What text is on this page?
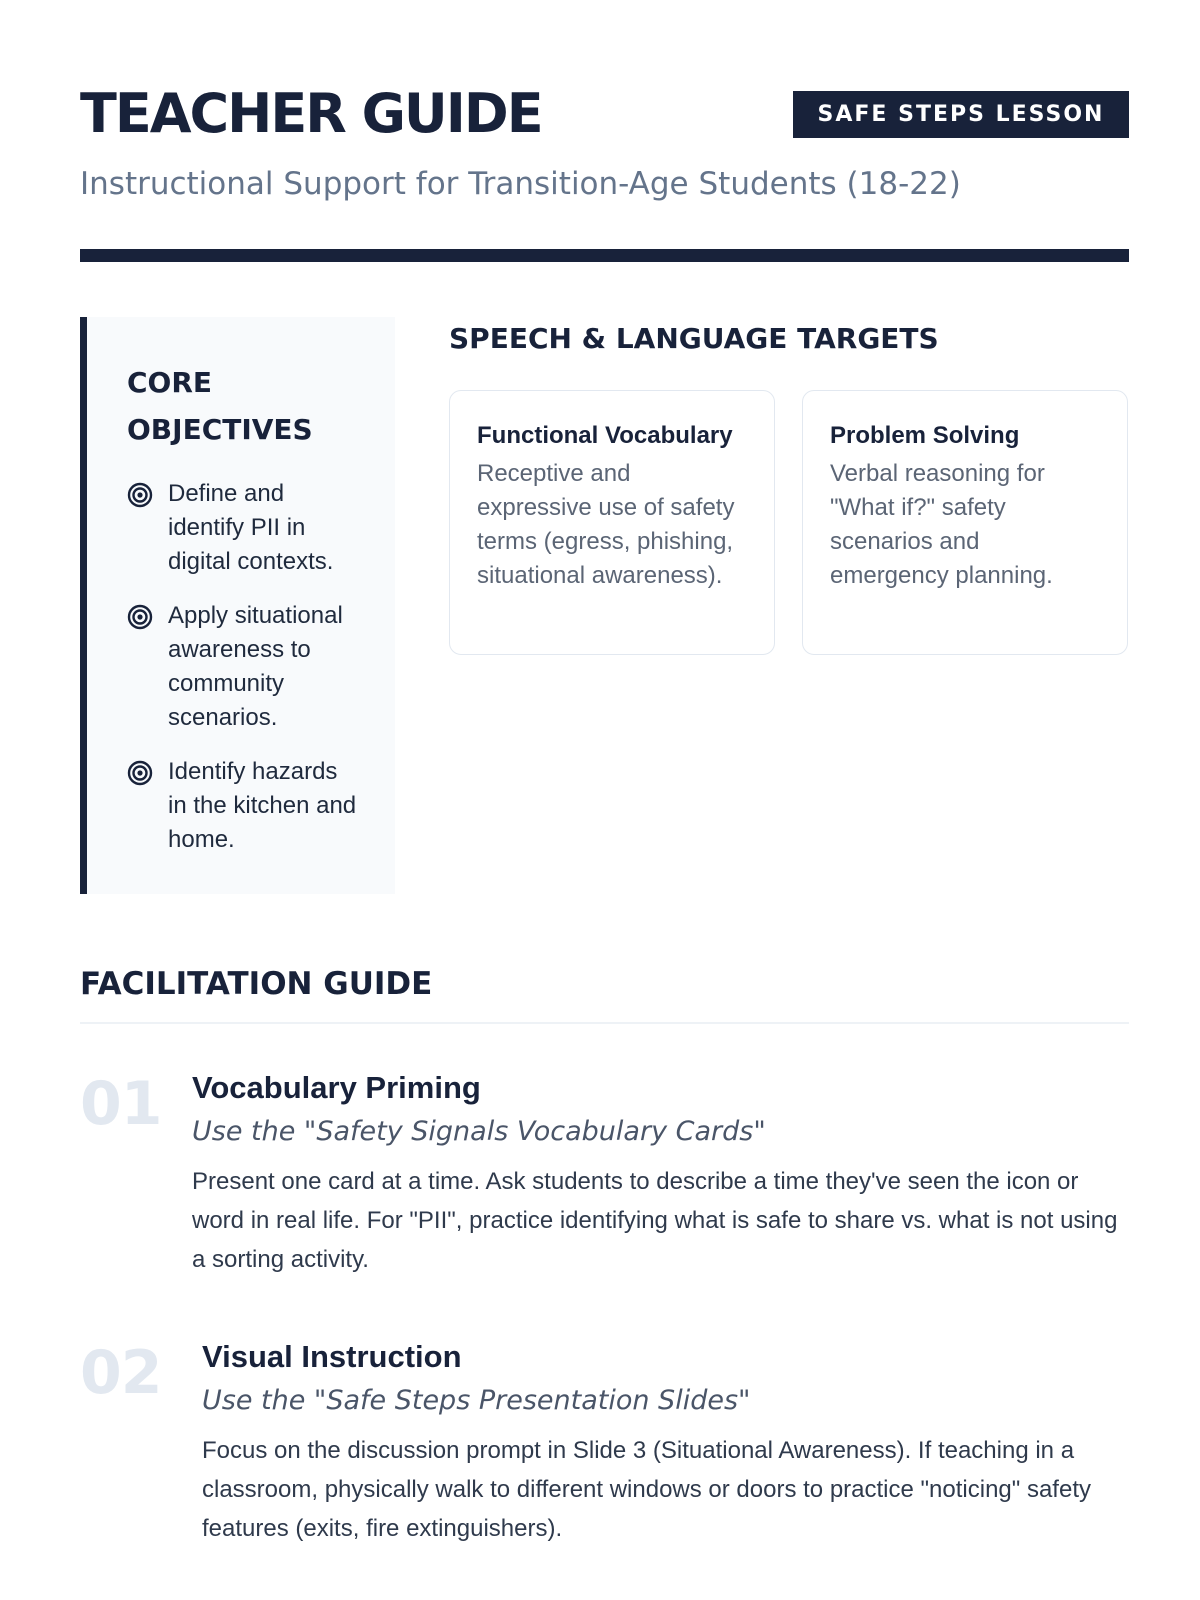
TEACHER GUIDE	SAFE STEPS LESSON
Instructional Support for Transition-Age Students (18-22)
CORE OBJECTIVES
Define and identify PII in digital contexts.
Apply situational awareness to community scenarios.
Identify hazards in the kitchen and home.
SPEECH & LANGUAGE TARGETS
Functional Vocabulary

Receptive and expressive use of safety terms (egress, phishing, situational awareness).

Problem Solving

Verbal reasoning for "What if?" safety scenarios and emergency planning.

FACILITATION GUIDE
01 Vocabulary Priming
Use the "Safety Signals Vocabulary Cards"

Present one card at a time. Ask students to describe a time they've seen the icon or word in real life. For "PII", practice identifying what is safe to share vs. what is not using a sorting activity.

02 Visual Instruction
Use the "Safe Steps Presentation Slides"

Focus on the discussion prompt in Slide 3 (Situational Awareness). If teaching in a classroom, physically walk to different windows or doors to practice "noticing" safety features (exits, fire extinguishers).
